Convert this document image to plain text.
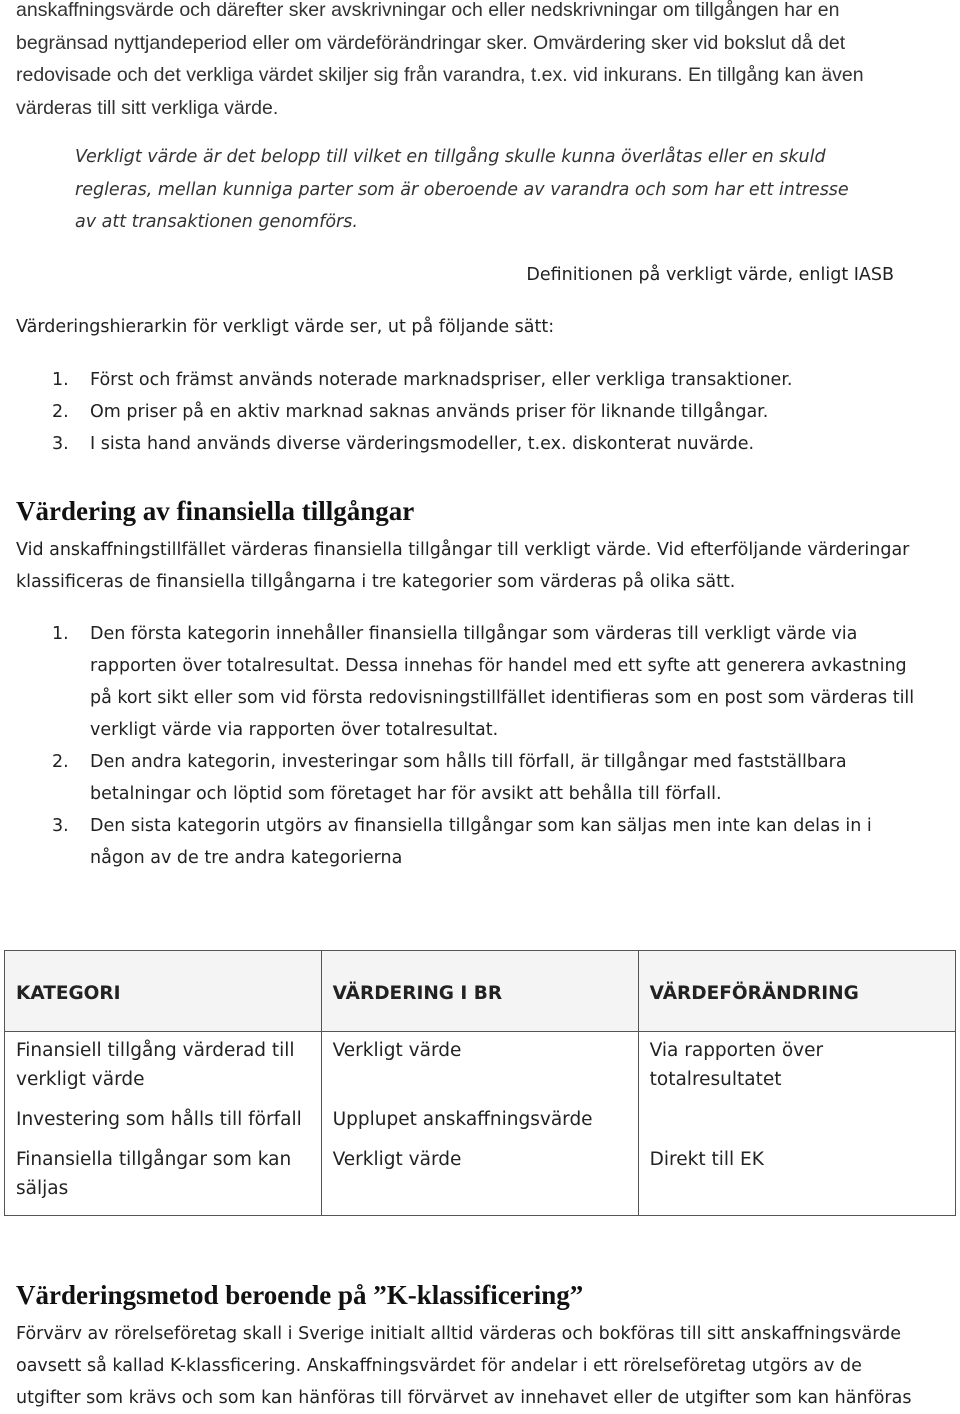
anskaffningsvärde och därefter sker avskrivningar och eller nedskrivningar om tillgången har en
begränsad nyttjandeperiod eller om värdeförändringar sker. Omvärdering sker vid bokslut då det
redovisade och det verkliga värdet skiljer sig från varandra, t.ex. vid inkurans. En tillgång kan även
värderas till sitt verkliga värde.

Verkligt värde är det belopp till vilket en tillgång skulle kunna överlåtas eller en skuld
regleras, mellan kunniga parter som är oberoende av varandra och som har ett intresse
av att transaktionen genomförs.
Definitionen på verkligt värde, enligt IASB
Värderingshierarkin för verkligt värde ser, ut på följande sätt:
1. Först och främst används noterade marknadspriser, eller verkliga transaktioner.
2. Om priser på en aktiv marknad saknas används priser för liknande tillgångar.
3. I sista hand används diverse värderingsmodeller, t.ex. diskonterat nuvärde.
Värdering av finansiella tillgångar

Vid anskaffningstillfället värderas finansiella tillgångar till verkligt värde. Vid efterföljande värderingar
klassificeras de finansiella tillgångarna i tre kategorier som värderas på olika sätt.

1. Den första kategorin innehåller finansiella tillgångar som värderas till verkligt värde via
rapporten över totalresultat. Dessa innehas för handel med ett syfte att generera avkastning
på kort sikt eller som vid första redovisningstillfället identifieras som en post som värderas till
verkligt värde via rapporten över totalresultat.
2. Den andra kategorin, investeringar som hålls till förfall, är tillgångar med fastställbara
betalningar och löptid som företaget har för avsikt att behålla till förfall.
3. Den sista kategorin utgörs av finansiella tillgångar som kan säljas men inte kan delas in i
någon av de tre andra kategorierna
KATEGORI	VÄRDERING I BR	VÄRDEFÖRÄNDRING
Finansiell tillgång värderad till verkligt värde	Verkligt värde	Via rapporten över totalresultatet
Investering som hålls till förfall	Upplupet anskaffningsvärde	
Finansiella tillgångar som kan säljas	Verkligt värde	Direkt till EK
Värderingsmetod beroende på ”K-klassificering”

Förvärv av rörelseföretag skall i Sverige initialt alltid värderas och bokföras till sitt anskaffningsvärde
oavsett så kallad K-klassficering. Anskaffningsvärdet för andelar i ett rörelseföretag utgörs av de
utgifter som krävs och som kan hänföras till förvärvet av innehavet eller de utgifter som kan hänföras
